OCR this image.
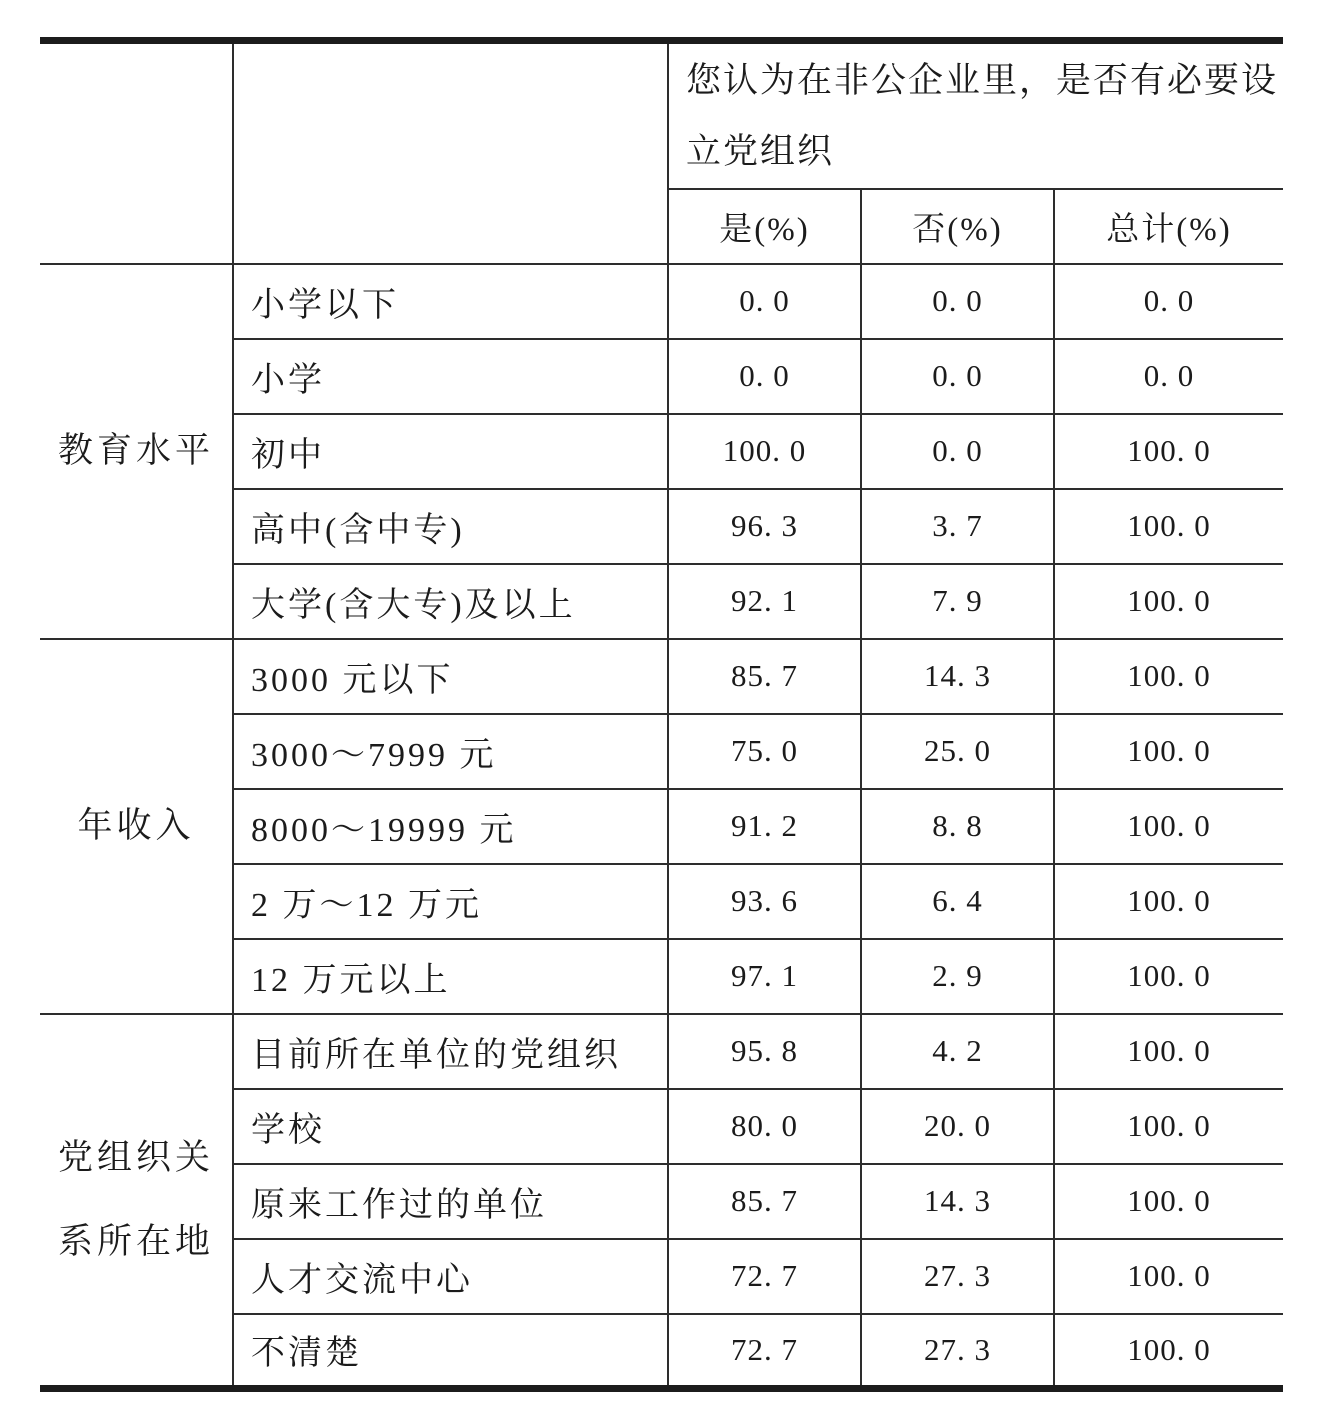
		您认为在非公企业里，是否有必要设
立党组织		

		是(%)	否(%)	总计(%)
教育水平	小学以下	0. 0	0. 0	0. 0
	小学	0. 0	0. 0	0. 0
	初中	100. 0	0. 0	100. 0
	高中(含中专)	96. 3	3. 7	100. 0
	大学(含大专)及以上	92. 1	7. 9	100. 0
年收入	3000 元以下	85. 7	14. 3	100. 0
	3000～7999 元	75. 0	25. 0	100. 0
	8000～19999 元	91. 2	8. 8	100. 0
	2 万～12 万元	93. 6	6. 4	100. 0
	12 万元以上	97. 1	2. 9	100. 0
党组织关系所在地	目前所在单位的党组织	95. 8	4. 2	100. 0
	学校	80. 0	20. 0	100. 0
	原来工作过的单位	85. 7	14. 3	100. 0
	人才交流中心	72. 7	27. 3	100. 0
	不清楚	72. 7	27. 3	100. 0
